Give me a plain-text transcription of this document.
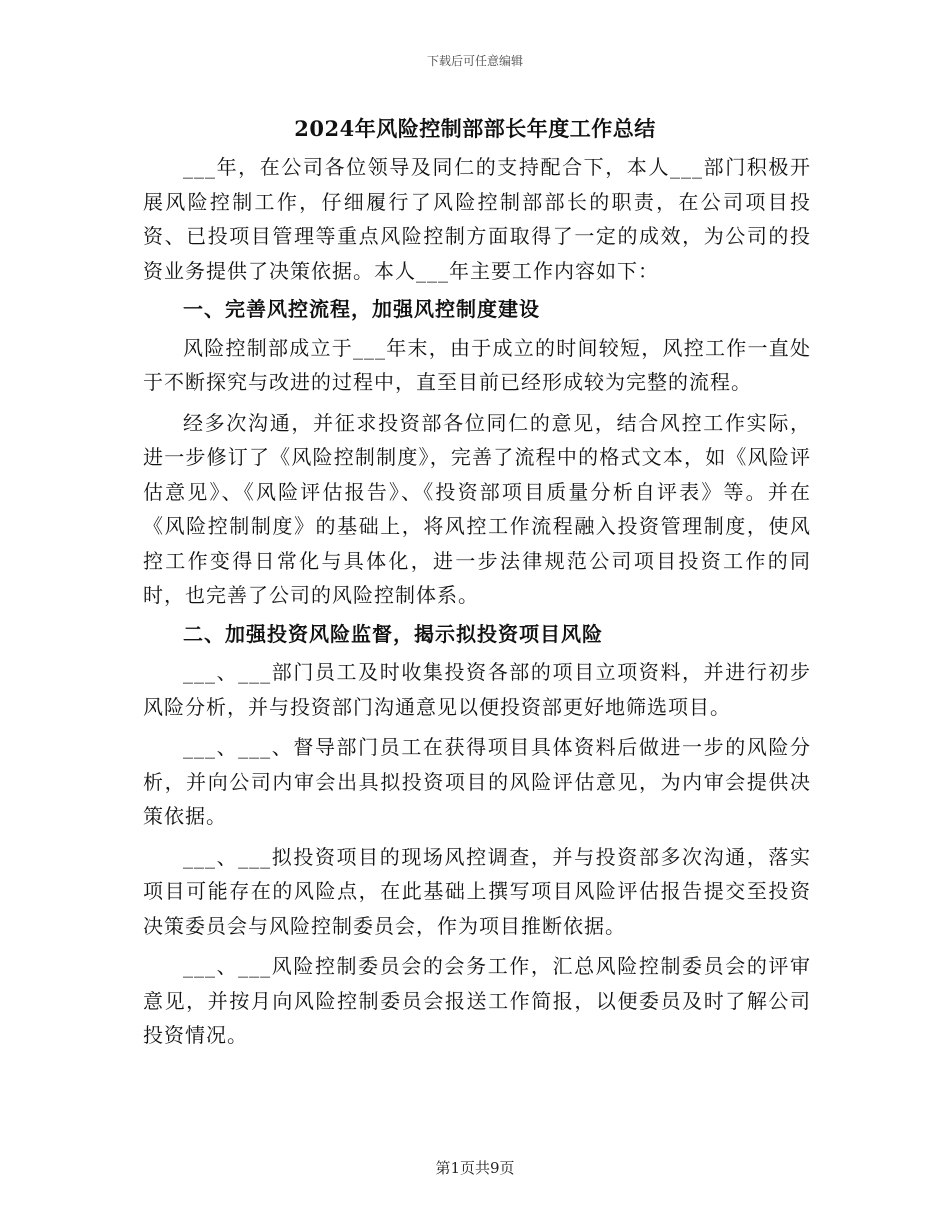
下载后可任意编辑
2024年风险控制部部长年度工作总结

___年，在公司各位领导及同仁的支持配合下，本人___部门积极开展风险控制工作，仔细履行了风险控制部部长的职责，在公司项目投资、已投项目管理等重点风险控制方面取得了一定的成效，为公司的投资业务提供了决策依据。本人___年主要工作内容如下：

一、完善风控流程，加强风控制度建设

风险控制部成立于___年末，由于成立的时间较短，风控工作一直处于不断探究与改进的过程中，直至目前已经形成较为完整的流程。

经多次沟通，并征求投资部各位同仁的意见，结合风控工作实际，进一步修订了《风险控制制度》，完善了流程中的格式文本，如《风险评估意见》、《风险评估报告》、《投资部项目质量分析自评表》等。并在《风险控制制度》的基础上，将风控工作流程融入投资管理制度，使风控工作变得日常化与具体化，进一步法律规范公司项目投资工作的同时，也完善了公司的风险控制体系。

二、加强投资风险监督，揭示拟投资项目风险

___、___部门员工及时收集投资各部的项目立项资料，并进行初步风险分析，并与投资部门沟通意见以便投资部更好地筛选项目。

___、___、督导部门员工在获得项目具体资料后做进一步的风险分析，并向公司内审会出具拟投资项目的风险评估意见，为内审会提供决策依据。

___、___拟投资项目的现场风控调查，并与投资部多次沟通，落实项目可能存在的风险点，在此基础上撰写项目风险评估报告提交至投资决策委员会与风险控制委员会，作为项目推断依据。

___、___风险控制委员会的会务工作，汇总风险控制委员会的评审意见，并按月向风险控制委员会报送工作简报，以便委员及时了解公司投资情况。

第1页共9页
